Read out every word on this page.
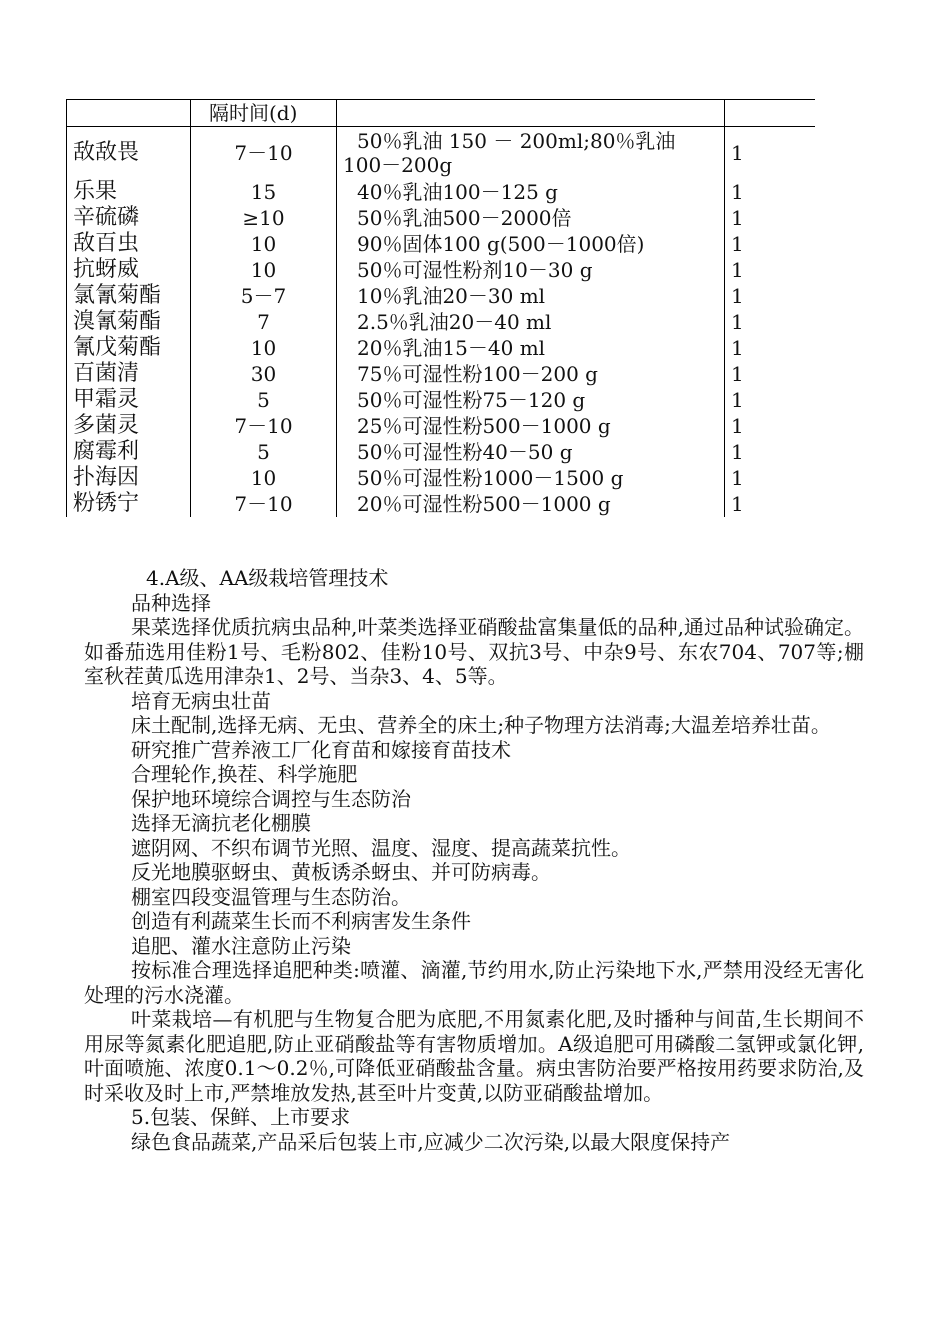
	隔时间(d)		
敌敌畏	7－10	50％乳油 150 － 200ml;80％乳油 100－200g	1
乐果	15	40％乳油100－125 g	1
辛硫磷	≥10	50％乳油500－2000倍	1
敌百虫	10	90％固体100 g(500－1000倍)	1
抗蚜威	10	50％可湿性粉剂10－30 g	1
氯氰菊酯	5－7	10％乳油20－30 ml	1
溴氰菊酯	7	2.5％乳油20－40 ml	1
氰戊菊酯	10	20％乳油15－40 ml	1
百菌清	30	75％可湿性粉100－200 g	1
甲霜灵	5	50％可湿性粉75－120 g	1
多菌灵	7－10	25％可湿性粉500－1000 g	1
腐霉利	5	50％可湿性粉40－50 g	1
扑海因	10	50％可湿性粉1000－1500 g	1
粉锈宁	7－10	20％可湿性粉500－1000 g	1

4.A级、AA级栽培管理技术

品种选择

果菜选择优质抗病虫品种,叶菜类选择亚硝酸盐富集量低的品种,通过品种试验确定。如番茄选用佳粉1号、毛粉802、佳粉10号、双抗3号、中杂9号、东农704、707等;棚室秋茬黄瓜选用津杂1、2号、当杂3、4、5等。

培育无病虫壮苗

床土配制,选择无病、无虫、营养全的床土;种子物理方法消毒;大温差培养壮苗。

研究推广营养液工厂化育苗和嫁接育苗技术

合理轮作,换茬、科学施肥

保护地环境综合调控与生态防治

选择无滴抗老化棚膜

遮阴网、不织布调节光照、温度、湿度、提高蔬菜抗性。

反光地膜驱蚜虫、黄板诱杀蚜虫、并可防病毒。

棚室四段变温管理与生态防治。

创造有利蔬菜生长而不利病害发生条件

追肥、灌水注意防止污染

按标准合理选择追肥种类:喷灌、滴灌,节约用水,防止污染地下水,严禁用没经无害化处理的污水浇灌。

叶菜栽培—有机肥与生物复合肥为底肥,不用氮素化肥,及时播种与间苗,生长期间不用尿等氮素化肥追肥,防止亚硝酸盐等有害物质增加。A级追肥可用磷酸二氢钾或氯化钾,叶面喷施、浓度0.1～0.2％,可降低亚硝酸盐含量。病虫害防治要严格按用药要求防治,及时采收及时上市,严禁堆放发热,甚至叶片变黄,以防亚硝酸盐增加。

5.包装、保鲜、上市要求

绿色食品蔬菜,产品采后包装上市,应减少二次污染,以最大限度保持产
